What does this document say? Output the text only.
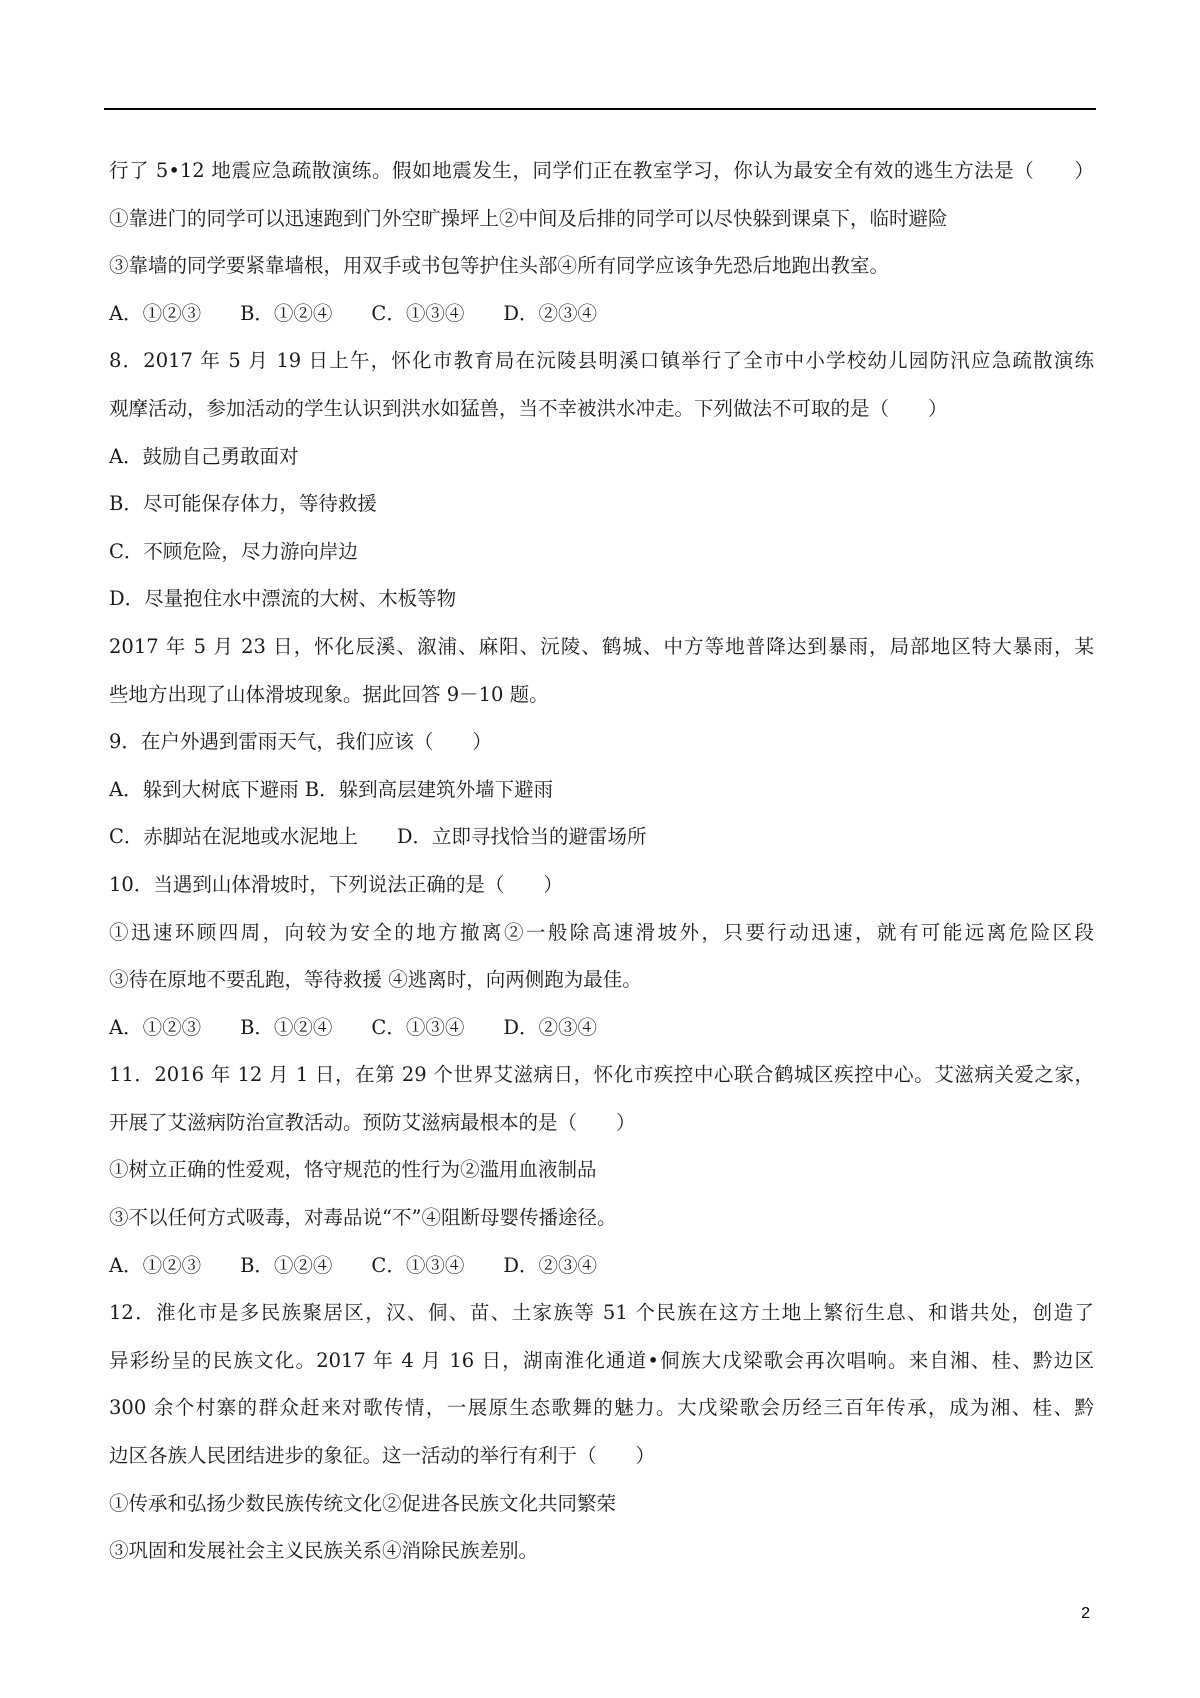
行了 5•12 地震应急疏散演练。假如地震发生，同学们正在教室学习，你认为最安全有效的逃生方法是（　　）
①靠进门的同学可以迅速跑到门外空旷操坪上②中间及后排的同学可以尽快躲到课桌下，临时避险
③靠墙的同学要紧靠墙根，用双手或书包等护住头部④所有同学应该争先恐后地跑出教室。
A．①②③　　B．①②④　　C．①③④　　D．②③④
8．2017 年 5 月 19 日上午，怀化市教育局在沅陵县明溪口镇举行了全市中小学校幼儿园防汛应急疏散演练
观摩活动，参加活动的学生认识到洪水如猛兽，当不幸被洪水冲走。下列做法不可取的是（　　）
A．鼓励自己勇敢面对
B．尽可能保存体力，等待救援
C．不顾危险，尽力游向岸边
D．尽量抱住水中漂流的大树、木板等物
2017 年 5 月 23 日，怀化辰溪、溆浦、麻阳、沅陵、鹤城、中方等地普降达到暴雨，局部地区特大暴雨，某
些地方出现了山体滑坡现象。据此回答 9－10 题。
9．在户外遇到雷雨天气，我们应该（　　）
A．躲到大树底下避雨 B．躲到高层建筑外墙下避雨
C．赤脚站在泥地或水泥地上　　D．立即寻找恰当的避雷场所
10．当遇到山体滑坡时，下列说法正确的是（　　）
①迅速环顾四周，向较为安全的地方撤离②一般除高速滑坡外，只要行动迅速，就有可能远离危险区段
③待在原地不要乱跑，等待救援 ④逃离时，向两侧跑为最佳。
A．①②③　　B．①②④　　C．①③④　　D．②③④
11．2016 年 12 月 1 日，在第 29 个世界艾滋病日，怀化市疾控中心联合鹤城区疾控中心。艾滋病关爱之家，
开展了艾滋病防治宣教活动。预防艾滋病最根本的是（　　）
①树立正确的性爱观，恪守规范的性行为②滥用血液制品
③不以任何方式吸毒，对毒品说“不”④阻断母婴传播途径。
A．①②③　　B．①②④　　C．①③④　　D．②③④
12．淮化市是多民族聚居区，汉、侗、苗、土家族等 51 个民族在这方土地上繁衍生息、和谐共处，创造了
异彩纷呈的民族文化。2017 年 4 月 16 日，湖南淮化通道•侗族大戊梁歌会再次唱响。来自湘、桂、黔边区
300 余个村寨的群众赶来对歌传情，一展原生态歌舞的魅力。大戊梁歌会历经三百年传承，成为湘、桂、黔
边区各族人民团结进步的象征。这一活动的举行有利于（　　）
①传承和弘扬少数民族传统文化②促进各民族文化共同繁荣
③巩固和发展社会主义民族关系④消除民族差别。
2
